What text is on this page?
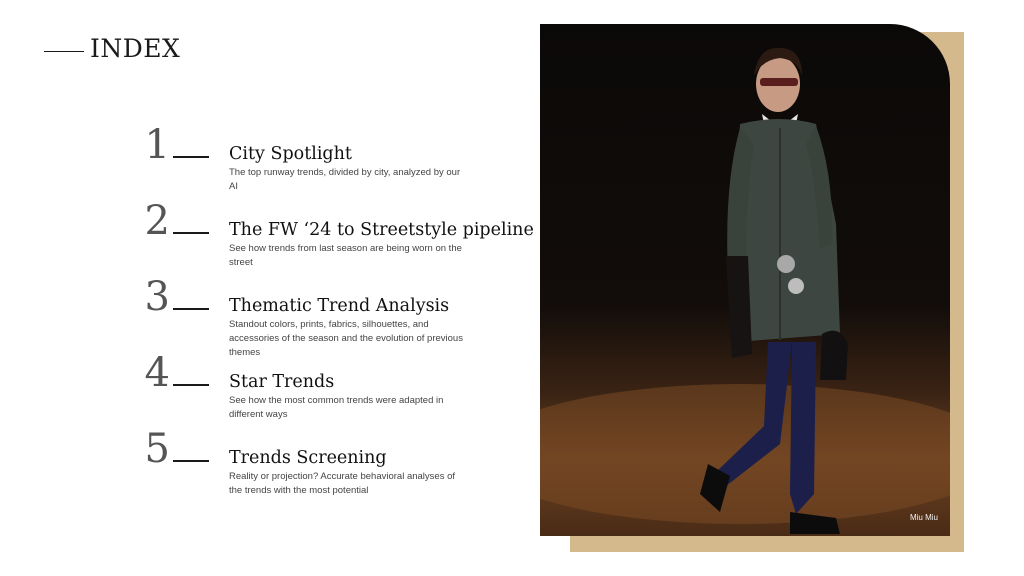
INDEX
1	City Spotlight
The top runway trends, divided by city, analyzed by our AI
2	The FW ‘24 to Streetstyle pipeline
See how trends from last season are being worn on the street
3	Thematic Trend Analysis
Standout colors, prints, fabrics, silhouettes, and accessories of the season and the evolution of previous themes
4	Star Trends
See how the most common trends were adapted in different ways
5	Trends Screening
Reality or projection? Accurate behavioral analyses of the trends with the most potential
Miu Miu
